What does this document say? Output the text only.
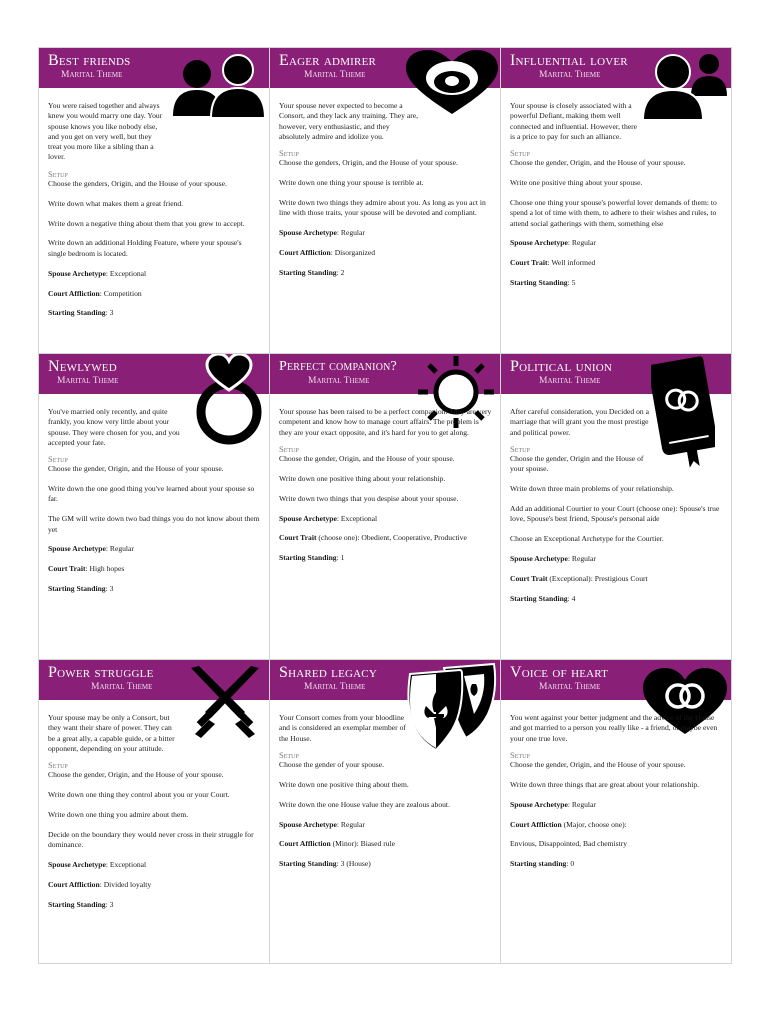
Best friends
Marital Theme

You were raised together and always knew you would marry one day. Your spouse knows you like nobody else, and you get on very well, but they treat you more like a sibling than a lover.

Setup

Choose the genders, Origin, and the House of your spouse.

Write down what makes them a great friend.

Write down a negative thing about them that you grew to accept.

Write down an additional Holding Feature, where your spouse's single bedroom is located.

Spouse Archetype: Exceptional

Court Affliction: Competition

Starting Standing: 3

Eager admirer
Marital Theme

Your spouse never expected to become a Consort, and they lack any training. They are, however, very enthusiastic, and they absolutely admire and idolize you.

Setup

Choose the genders, Origin, and the House of your spouse.

Write down one thing your spouse is terrible at.

Write down two things they admire about you. As long as you act in line with those traits, your spouse will be devoted and compliant.

Spouse Archetype: Regular

Court Affliction: Disorganized

Starting Standing: 2

Influential lover
Marital Theme

Your spouse is closely associated with a powerful Defiant, making them well connected and influential. However, there is a price to pay for such an alliance.

Setup

Choose the gender, Origin, and the House of your spouse.

Write one positive thing about your spouse.

Choose one thing your spouse's powerful lover demands of them: to spend a lot of time with them, to adhere to their wishes and rules, to attend social gatherings with them, something else

Spouse Archetype: Regular

Court Trait: Well informed

Starting Standing: 5

Newlywed
Marital Theme

You've married only recently, and quite frankly, you know very little about your spouse. They were chosen for you, and you accepted your fate.

Setup

Choose the gender, Origin, and the House of your spouse.

Write down the one good thing you've learned about your spouse so far.

The GM will write down two bad things you do not know about them yet

Spouse Archetype: Regular

Court Trait: High hopes

Starting Standing: 3

Perfect companion?
Marital Theme

Your spouse has been raised to be a perfect companion. They are very competent and know how to manage court affairs. The problem is they are your exact opposite, and it's hard for you to get along.

Setup

Choose the gender, Origin, and the House of your spouse.

Write down one positive thing about your relationship.

Write down two things that you despise about your spouse.

Spouse Archetype: Exceptional

Court Trait (choose one): Obedient, Cooperative, Productive

Starting Standing: 1

Political union
Marital Theme

After careful consideration, you Decided on a marriage that will grant you the most prestige and political power.

Setup

Choose the gender, Origin and the House of your spouse.

Write down three main problems of your relationship.

Add an additional Courtier to your Court (choose one): Spouse's true love, Spouse's best friend, Spouse's personal aide

Choose an Exceptional Archetype for the Courtier.

Spouse Archetype: Regular

Court Trait (Exceptional): Prestigious Court

Starting Standing: 4

Power struggle
Marital Theme

Your spouse may be only a Consort, but they want their share of power. They can be a great ally, a capable guide, or a bitter opponent, depending on your attitude.

Setup

Choose the gender, Origin, and the House of your spouse.

Write down one thing they control about you or your Court.

Write down one thing you admire about them.

Decide on the boundary they would never cross in their struggle for dominance.

Spouse Archetype: Exceptional

Court Affliction: Divided loyalty

Starting Standing: 3

Shared legacy
Marital Theme

Your Consort comes from your bloodline and is considered an exemplar member of the House.

Setup

Choose the gender of your spouse.

Write down one positive thing about them.

Write down the one House value they are zealous about.

Spouse Archetype: Regular

Court Affliction (Minor): Biased rule

Starting Standing: 3 (House)

Voice of heart
Marital Theme

You went against your better judgment and the advice of the House and got married to a person you really like - a friend, or maybe even your one true love.

Setup

Choose the gender, Origin, and the House of your spouse.

Write down three things that are great about your relationship.

Spouse Archetype: Regular

Court Affliction (Major, choose one):

Envious, Disappointed, Bad chemistry

Starting standing: 0
